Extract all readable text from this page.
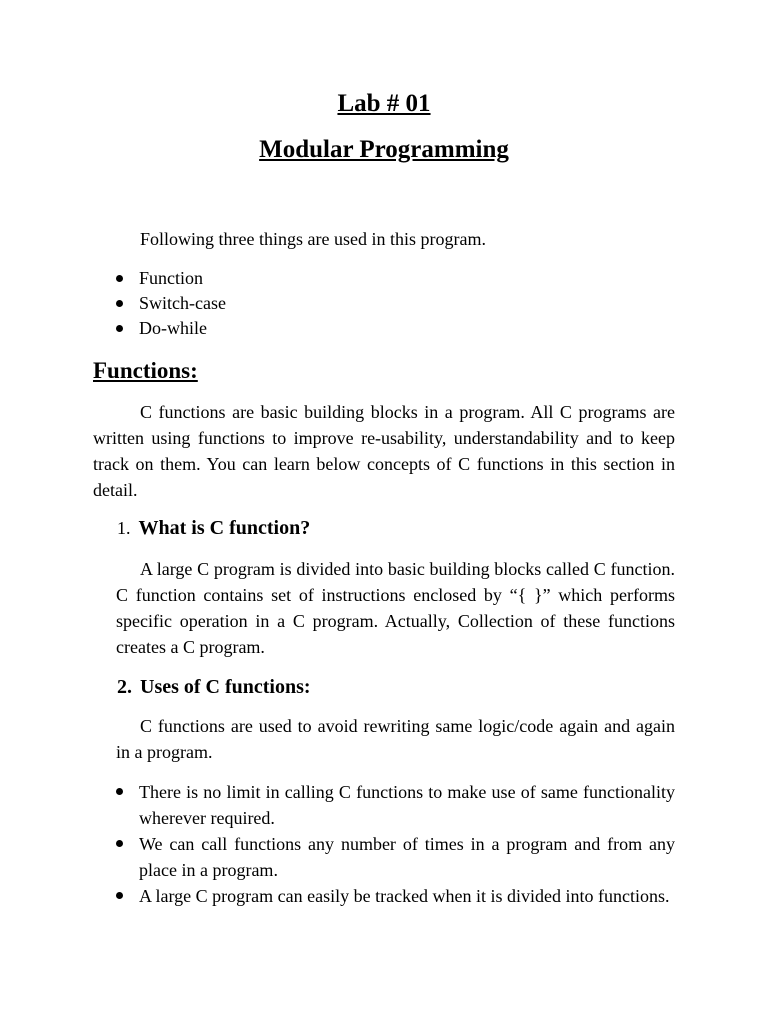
Lab # 01
Modular Programming

Following three things are used in this program.

Function
Switch-case
Do-while
Functions:

C functions are basic building blocks in a program. All C programs are written using functions to improve re-usability, understandability and to keep track on them. You can learn below concepts of C functions in this section in detail.

1. What is C function?

A large C program is divided into basic building blocks called C function. C function contains set of instructions enclosed by “{ }” which performs specific operation in a C program. Actually, Collection of these functions creates a C program.

2. Uses of C functions:

C functions are used to avoid rewriting same logic/code again and again in a program.

There is no limit in calling C functions to make use of same functionality wherever required.
We can call functions any number of times in a program and from any place in a program.
A large C program can easily be tracked when it is divided into functions.
